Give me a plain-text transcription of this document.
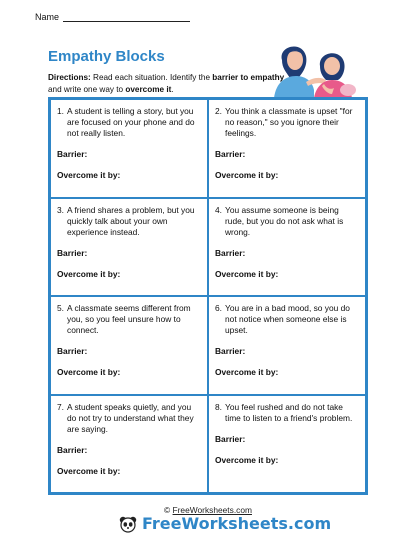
Name
Empathy Blocks
Directions: Read each situation. Identify the barrier to empathy and write one way to overcome it.
1. A student is telling a story, but you are focused on your phone and do not really listen.
Barrier:
Overcome it by:
2. You think a classmate is upset "for no reason," so you ignore their feelings.
Barrier:
Overcome it by:
3. A friend shares a problem, but you quickly talk about your own experience instead.
Barrier:
Overcome it by:
4. You assume someone is being rude, but you do not ask what is wrong.
Barrier:
Overcome it by:
5. A classmate seems different from you, so you feel unsure how to connect.
Barrier:
Overcome it by:
6. You are in a bad mood, so you do not notice when someone else is upset.
Barrier:
Overcome it by:
7. A student speaks quietly, and you do not try to understand what they are saying.
Barrier:
Overcome it by:
8. You feel rushed and do not take time to listen to a friend's problem.
Barrier:
Overcome it by:
© FreeWorksheets.com
FreeWorksheets.com
